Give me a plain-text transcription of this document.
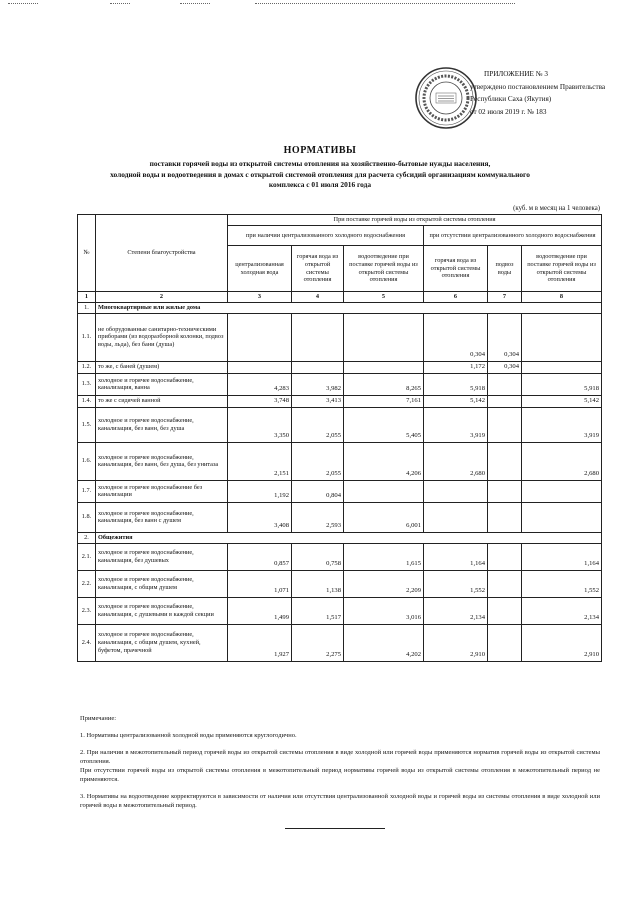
ПРИЛОЖЕНИЕ № 3
утверждено постановлением Правительства
Республики Саха (Якутия)
от 02 июля 2019 г. № 183
НОРМАТИВЫ
поставки горячей воды из открытой системы отопления на хозяйственно-бытовые нужды населения,
холодной воды и водоотведения в домах с открытой системой отопления для расчета субсидий организациям коммунального
комплекса с 01 июля 2016 года
(куб. м в месяц на 1 человека)
№	Степени благоустройства	При поставке горячей воды из открытой системы отопления					
		при наличии централизованного холодного водоснабжения			при отсутствии централизованного холодного водоснабжения		
		централизованная холодная вода	горячая вода из открытой системы отопления	водоотведение при поставке горячей воды из открытой системы отопления	горячая вода из открытой системы отопления	подвоз воды	водоотведение при поставке горячей воды из открытой системы отопления
1	2	3	4	5	6	7	8
1.	Многоквартирные или жилые дома						
1.1.	не оборудованные санитарно-техническими приборами (из водоразборной колонки, подвоз воды, льда), без бани (душа)				0,304	0,304	
1.2.	то же, с баней (душем)				1,172	0,304	
1.3.	холодное и горячее водоснабжение, канализация, ванна	4,283	3,982	8,265	5,918		5,918
1.4.	то же с сидячей ванной	3,748	3,413	7,161	5,142		5,142
1.5.	холодное и горячее водоснабжение, канализация, без ванн, без душа	3,350	2,055	5,405	3,919		3,919
1.6.	холодное и горячее водоснабжение, канализация, без ванн, без душа, без унитаза	2,151	2,055	4,206	2,680		2,680
1.7.	холодное и горячее водоснабжение без канализации	1,192	0,804				
1.8.	холодное и горячее водоснабжение, канализация, без ванн с душем	3,408	2,593	6,001			
2.	Общежития						
2.1.	холодное и горячее водоснабжение, канализация, без душевых	0,857	0,758	1,615	1,164		1,164
2.2.	холодное и горячее водоснабжение, канализация, с общим душем	1,071	1,138	2,209	1,552		1,552
2.3.	холодное и горячее водоснабжение, канализация, с душевыми в каждой секции	1,499	1,517	3,016	2,134		2,134
2.4.	холодное и горячее водоснабжение, канализация, с общим душем, кухней, буфетом, прачечной	1,927	2,275	4,202	2,910		2,910

Примечание:

1. Нормативы централизованной холодной воды применяются круглогодично.

2. При наличии в межотопительный период горячей воды из открытой системы отопления в виде холодной или горячей воды применяются норматив горячей воды из открытой системы отопления.

При отсутствии горячей воды из открытой системы отопления в межотопительный период нормативы горячей воды из открытой системы отопления в межотопительный период не применяются.

3. Нормативы на водоотведение корректируются в зависимости от наличия или отсутствия централизованной холодной воды и горячей воды из системы отопления в виде холодной или горячей воды в межотопительный период.
